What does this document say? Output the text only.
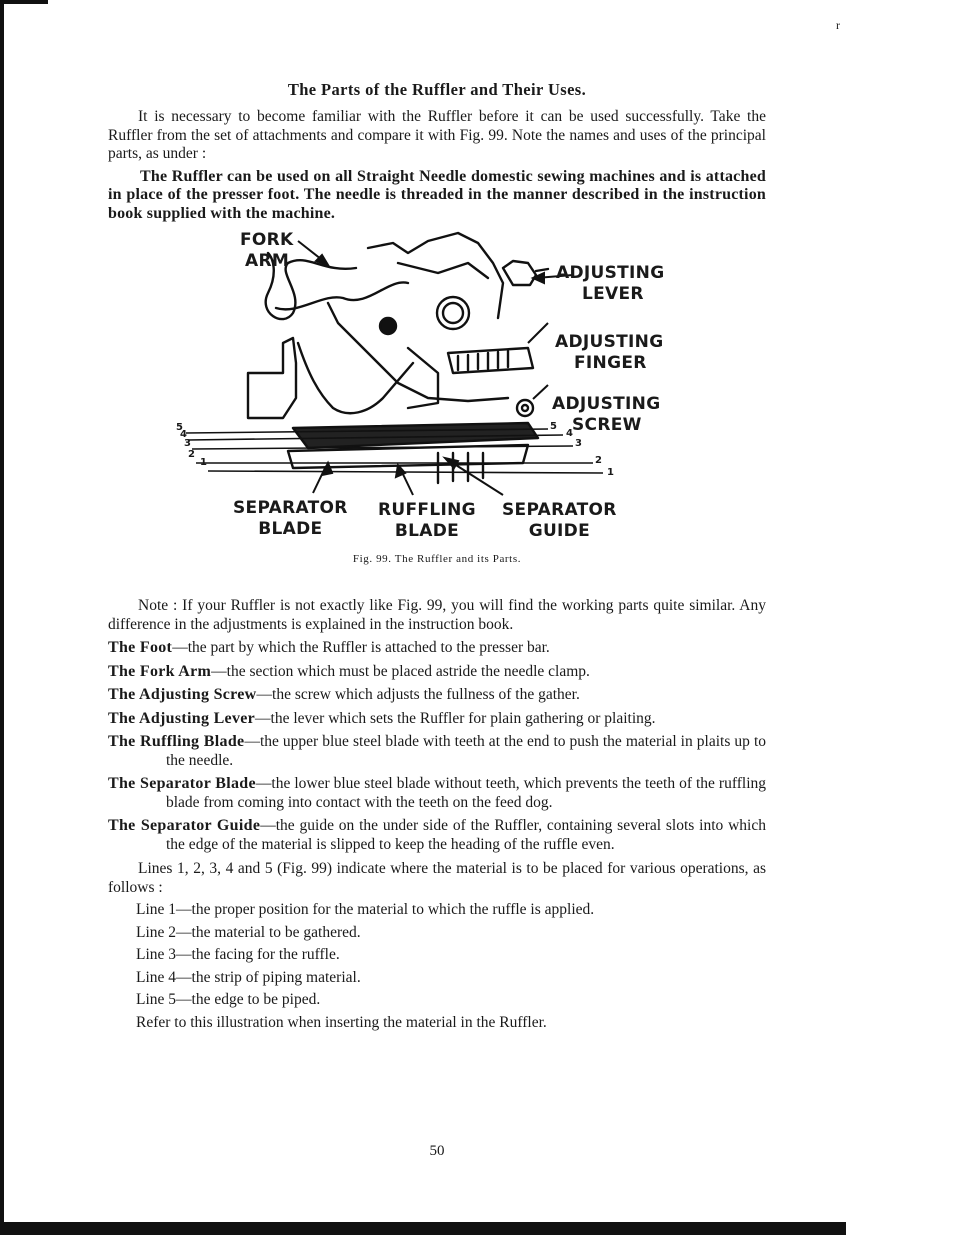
r
The Parts of the Ruffler and Their Uses.

It is necessary to become familiar with the Ruffler before it can be used successfully. Take the Ruffler from the set of attachments and compare it with Fig. 99. Note the names and uses of the principal parts, as under :

The Ruffler can be used on all Straight Needle domestic sewing machines and is attached in place of the presser foot. The needle is threaded in the manner described in the instruction book supplied with the machine.

FORK
ARM
ADJUSTING
LEVER
ADJUSTING
FINGER
ADJUSTING
SCREW
SEPARATOR
BLADE
RUFFLING
BLADE
SEPARATOR
GUIDE
5
4
3
2
1
5
4
3
2
1
Fig. 99. The Ruffler and its Parts.

Note : If your Ruffler is not exactly like Fig. 99, you will find the working parts quite similar. Any difference in the adjustments is explained in the instruction book.

The Foot—the part by which the Ruffler is attached to the presser bar.

The Fork Arm—the section which must be placed astride the needle clamp.

The Adjusting Screw—the screw which adjusts the fullness of the gather.

The Adjusting Lever—the lever which sets the Ruffler for plain gathering or plaiting.

The Ruffling Blade—the upper blue steel blade with teeth at the end to push the material in plaits up to the needle.

The Separator Blade—the lower blue steel blade without teeth, which prevents the teeth of the ruffling blade from coming into contact with the teeth on the feed dog.

The Separator Guide—the guide on the under side of the Ruffler, containing several slots into which the edge of the material is slipped to keep the heading of the ruffle even.

Lines 1, 2, 3, 4 and 5 (Fig. 99) indicate where the material is to be placed for various operations, as follows :

Line 1—the proper position for the material to which the ruffle is applied.

Line 2—the material to be gathered.

Line 3—the facing for the ruffle.

Line 4—the strip of piping material.

Line 5—the edge to be piped.

Refer to this illustration when inserting the material in the Ruffler.

50
